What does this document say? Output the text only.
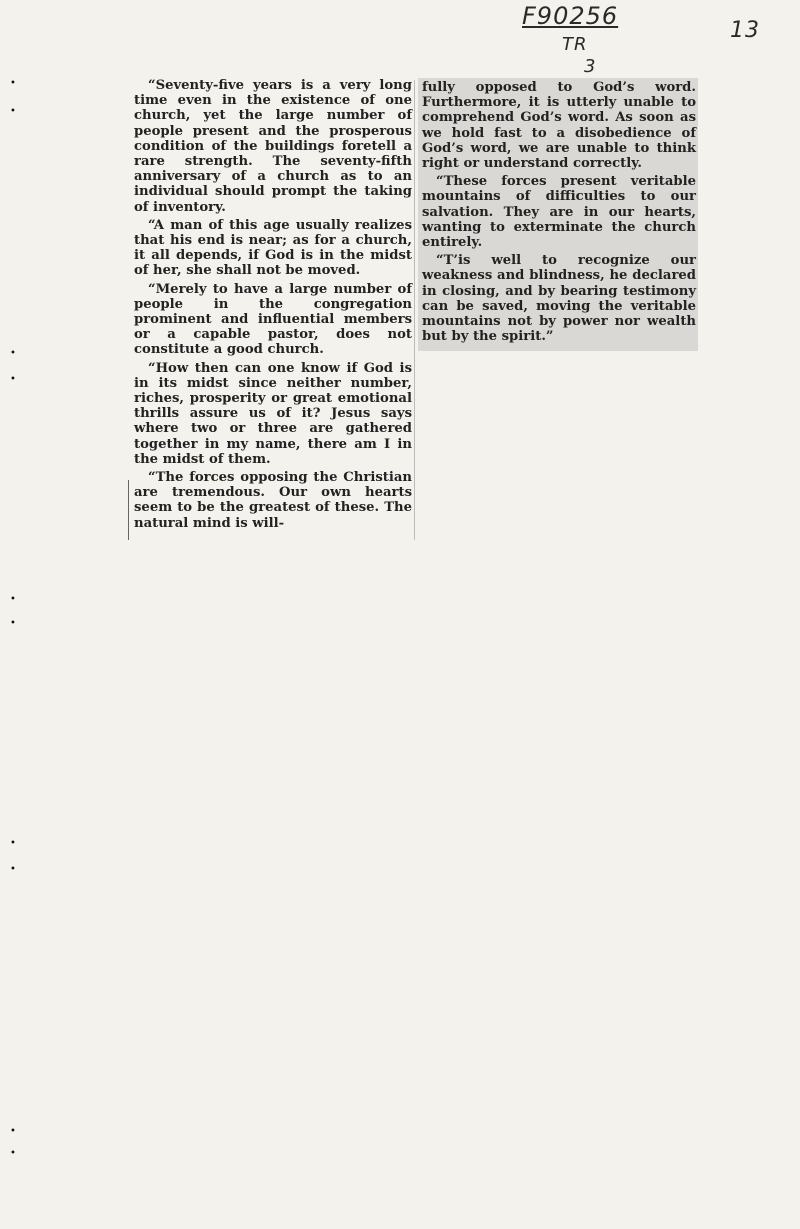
F90256
TR
3
13

“Seventy-five years is a very long time even in the existence of one church, yet the large number of people present and the prosperous condition of the buildings foretell a rare strength. The seventy-fifth anniversary of a church as to an individual should prompt the taking of inventory.

“A man of this age usually realizes that his end is near; as for a church, it all depends, if God is in the midst of her, she shall not be moved.

“Merely to have a large number of people in the congregation prominent and influential members or a capable pastor, does not constitute a good church.

“How then can one know if God is in its midst since neither number, riches, prosperity or great emotional thrills assure us of it? Jesus says where two or three are gathered together in my name, there am I in the midst of them.

“The forces opposing the Christian are tremendous. Our own hearts seem to be the greatest of these. The natural mind is will-

fully opposed to God’s word. Furthermore, it is utterly unable to comprehend God’s word. As soon as we hold fast to a disobedience of God’s word, we are unable to think right or understand correctly.

“These forces present veritable mountains of difficulties to our salvation. They are in our hearts, wanting to exterminate the church entirely.

“T’is well to recognize our weakness and blindness, he declared in closing, and by bearing testimony can be saved, moving the veritable mountains not by power nor wealth but by the spirit.”

•
•
•
•
•
•
•
•
•
•
